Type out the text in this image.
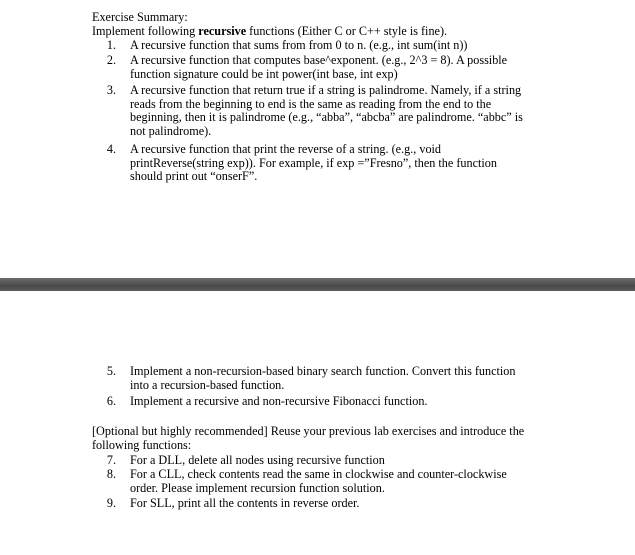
Exercise Summary:
Implement following recursive functions (Either C or C++ style is fine).
1. A recursive function that sums from from 0 to n. (e.g., int sum(int n))
2. A recursive function that computes base^exponent. (e.g., 2^3 = 8). A possible
function signature could be int power(int base, int exp)
3. A recursive function that return true if a string is palindrome. Namely, if a string
reads from the beginning to end is the same as reading from the end to the
beginning, then it is palindrome (e.g., “abba”, “abcba” are palindrome. “abbc” is
not palindrome).
4. A recursive function that print the reverse of a string. (e.g., void
printReverse(string exp)). For example, if exp =”Fresno”, then the function
should print out “onserF”.
5. Implement a non-recursion-based binary search function. Convert this function
into a recursion-based function.
6. Implement a recursive and non-recursive Fibonacci function.
[Optional but highly recommended] Reuse your previous lab exercises and introduce the
following functions:
7. For a DLL, delete all nodes using recursive function
8. For a CLL, check contents read the same in clockwise and counter-clockwise
order. Please implement recursion function solution.
9. For SLL, print all the contents in reverse order.
